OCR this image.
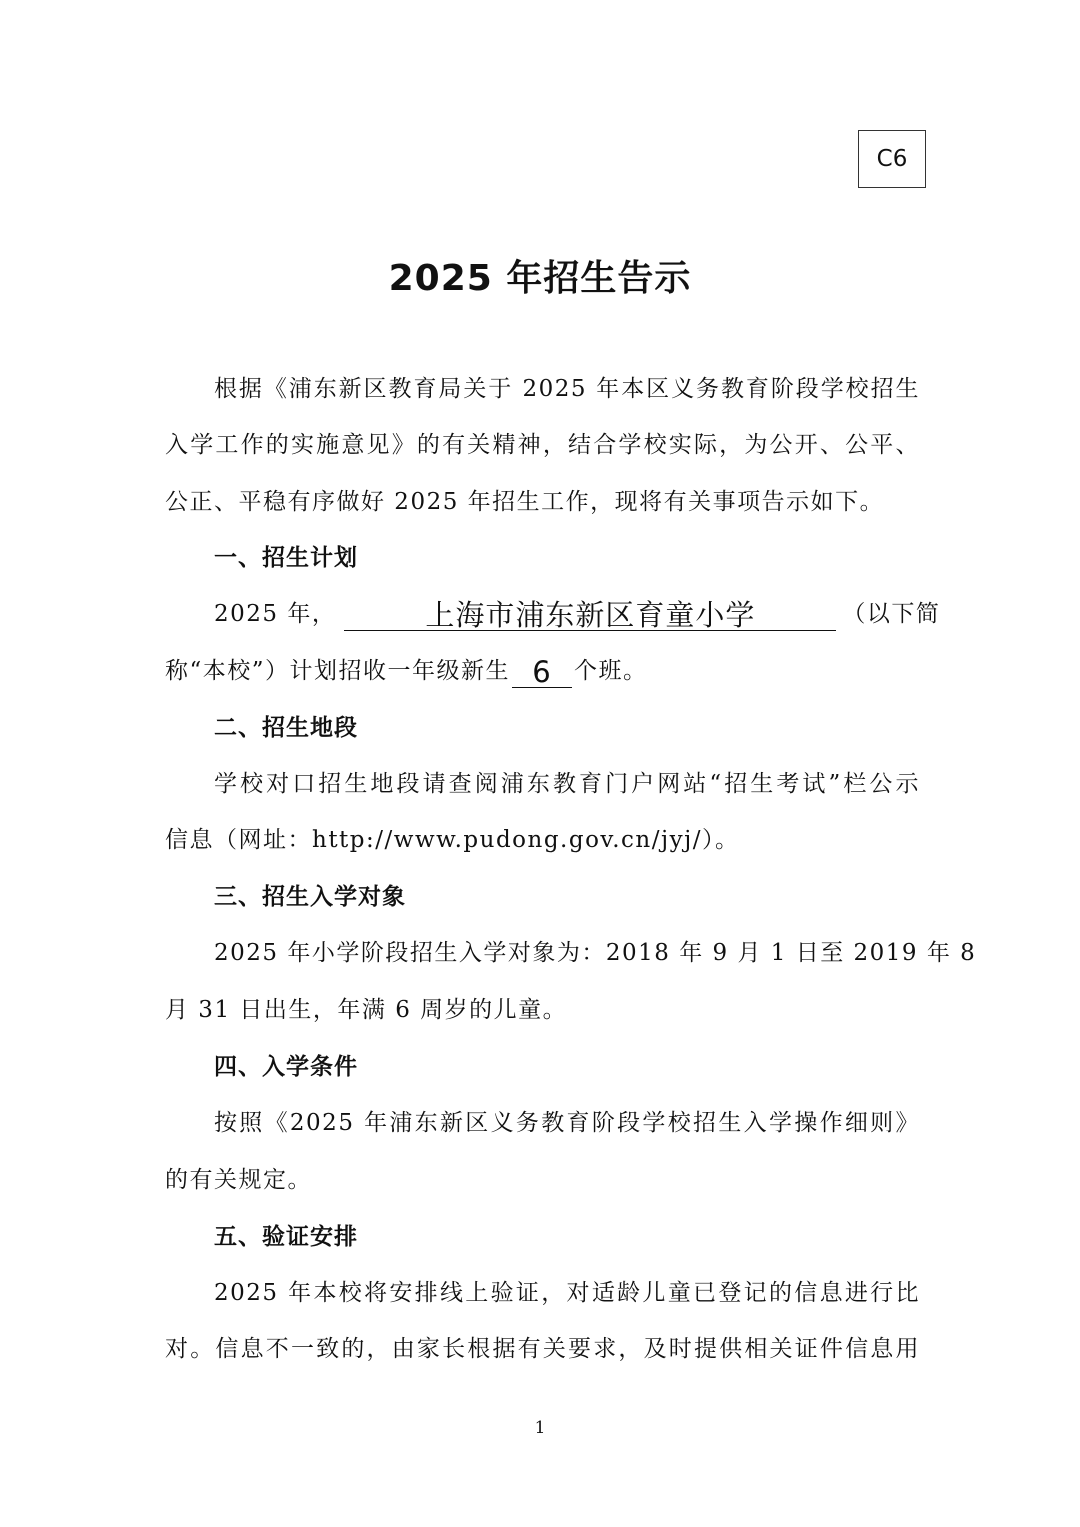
C6
2025 年招生告示
根据《浦东新区教育局关于 2025 年本区义务教育阶段学校招生
入学工作的实施意见》的有关精神，结合学校实际，为公开、公平、
公正、平稳有序做好 2025 年招生工作，现将有关事项告示如下。
一、招生计划
2025 年，	上海市浦东新区育童小学	（以下简
称“本校”）计划招收一年级新生 6 个班。
二、招生地段
学校对口招生地段请查阅浦东教育门户网站“招生考试”栏公示
信息（网址：http://www.pudong.gov.cn/jyj/）。
三、招生入学对象
2025 年小学阶段招生入学对象为：2018 年 9 月 1 日至 2019 年 8
月 31 日出生，年满 6 周岁的儿童。
四、入学条件
按照《2025 年浦东新区义务教育阶段学校招生入学操作细则》
的有关规定。
五、验证安排
2025 年本校将安排线上验证，对适龄儿童已登记的信息进行比
对。信息不一致的，由家长根据有关要求，及时提供相关证件信息用
1
